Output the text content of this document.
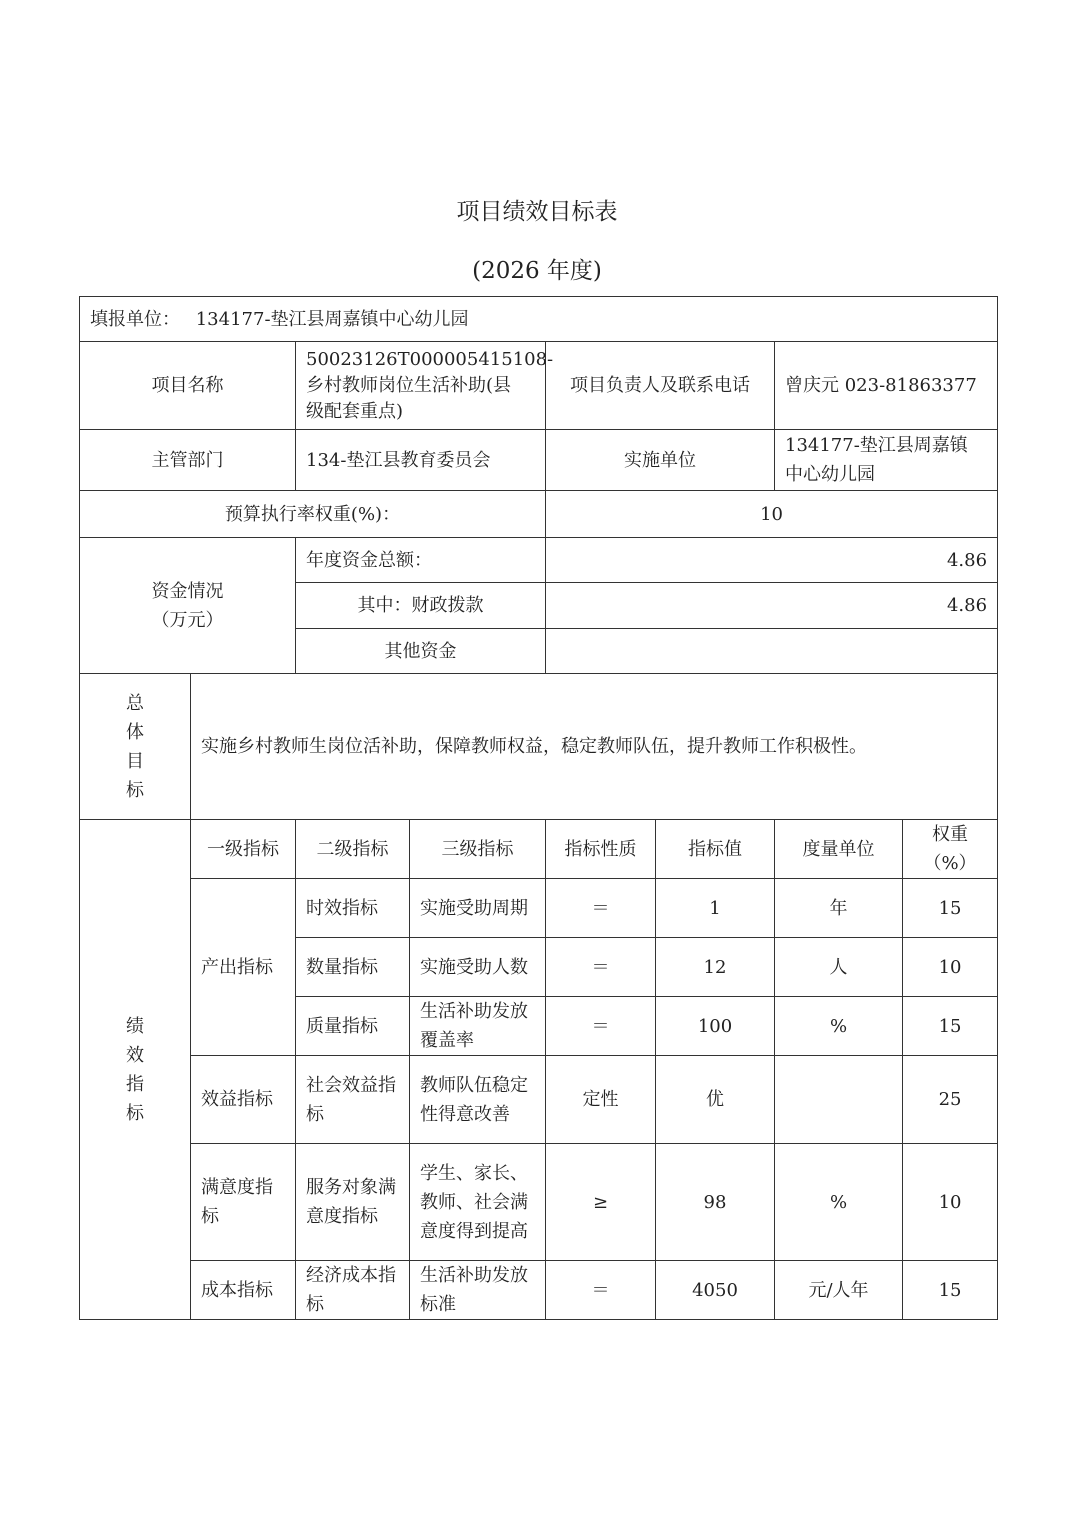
项目绩效目标表
(2026 年度)
填报单位： 134177-垫江县周嘉镇中心幼儿园							
项目名称		50023126T000005415108-
乡村教师岗位生活补助(县
级配套重点)		项目负责人及联系电话		曾庆元 023-81863377	
主管部门		134-垫江县教育委员会		实施单位		134177-垫江县周嘉镇
中心幼儿园	

预算执行率权重(%)：				10			

资金情况
（万元）		年度资金总额：		4.86			
		其中：财政拨款		4.86			
		其他资金					

总
体
目
标	实施乡村教师生岗位活补助，保障教师权益，稳定教师队伍，提升教师工作积极性。						

绩
效
指
标	一级指标	二级指标	三级指标	指标性质	指标值	度量单位	权重（%）
	产出指标	时效指标	实施受助周期	＝	1	年	15
		数量指标	实施受助人数	＝	12	人	10
		质量指标	生活补助发放覆盖率	＝	100	%	15
	效益指标	社会效益指标	教师队伍稳定性得意改善	定性	优		25
	满意度指标	服务对象满意度指标	学生、家长、教师、社会满意度得到提高	≥	98	%	10
	成本指标	经济成本指标	生活补助发放标准	＝	4050	元/人年	15
